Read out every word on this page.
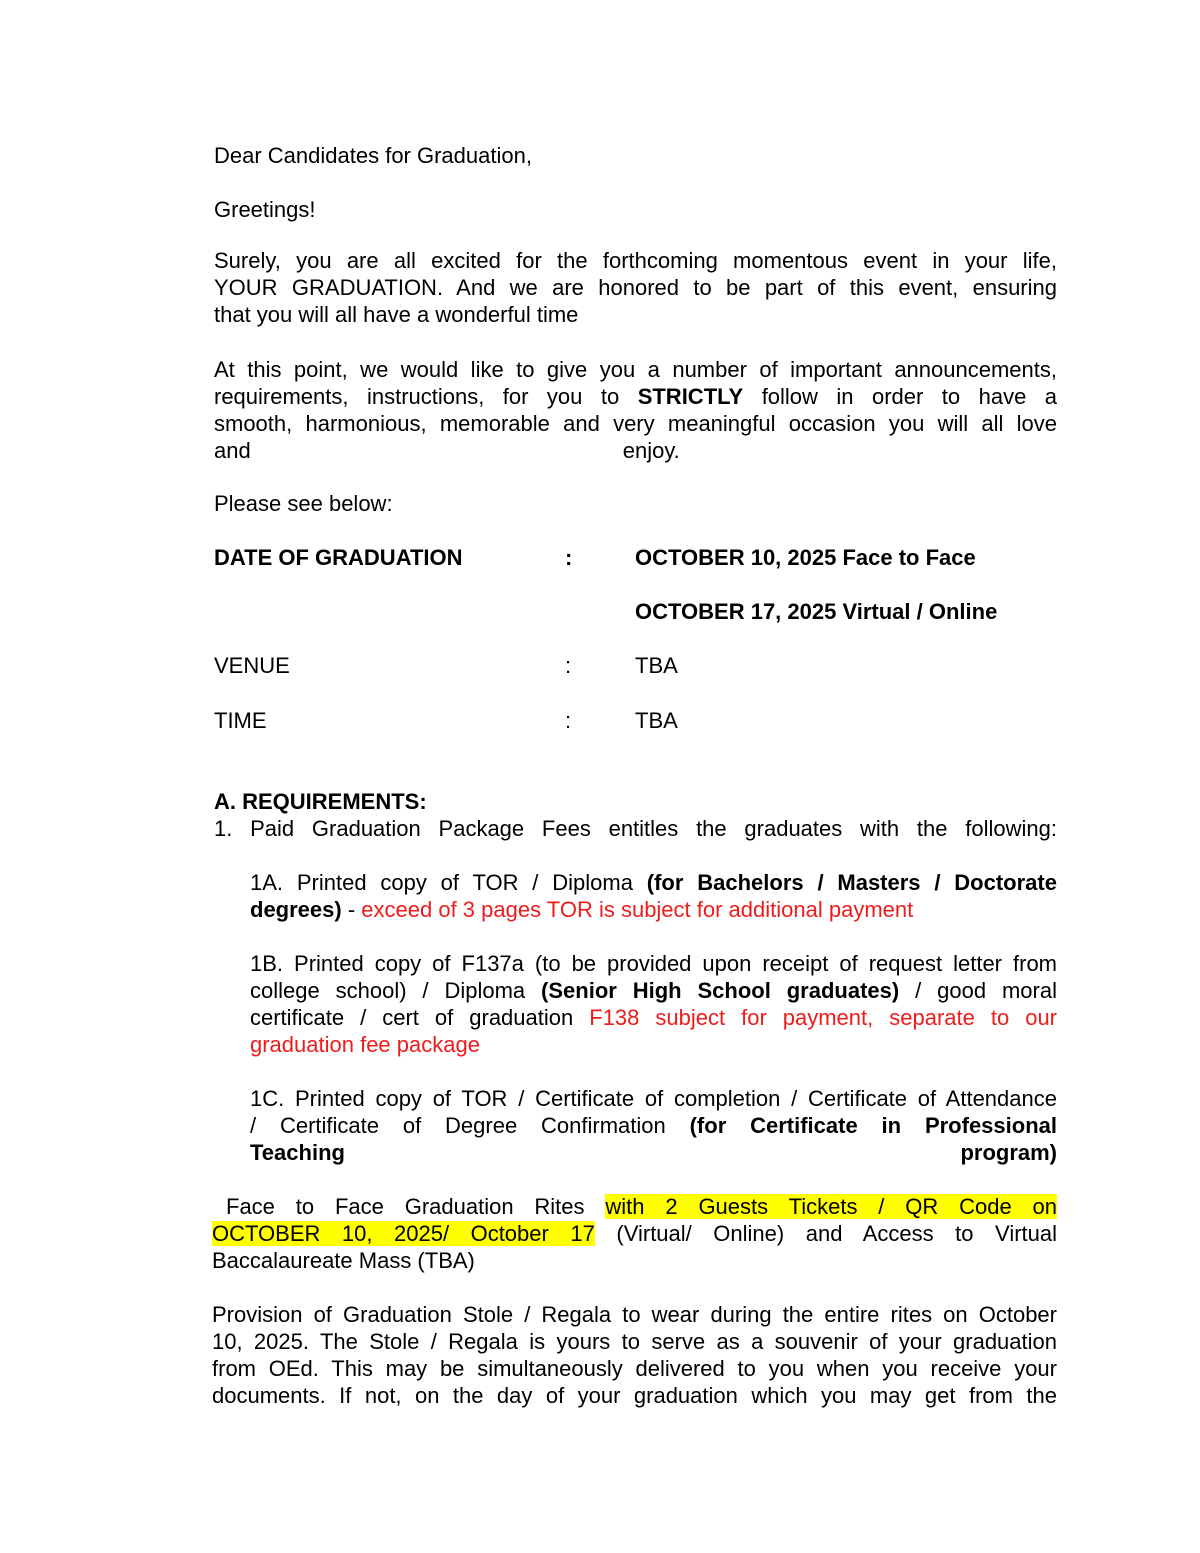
Dear Candidates for Graduation,
Greetings!
Surely, you are all excited for the forthcoming momentous event in your life,
YOUR GRADUATION. And we are honored to be part of this event, ensuring
that you will all have a wonderful time
At this point, we would like to give you a number of important announcements,
requirements, instructions, for you to STRICTLY follow in order to have a
smooth, harmonious, memorable and very meaningful occasion you will all love
and	enjoy.
Please see below:
DATE OF GRADUATION	:	OCTOBER 10, 2025 Face to Face
OCTOBER 17, 2025 Virtual / Online
VENUE	:	TBA
TIME	:	TBA
A. REQUIREMENTS:
1. Paid Graduation Package Fees entitles the graduates with the following:
1A. Printed copy of TOR / Diploma (for Bachelors / Masters / Doctorate
degrees) - exceed of 3 pages TOR is subject for additional payment
1B. Printed copy of F137a (to be provided upon receipt of request letter from
college school) / Diploma (Senior High School graduates) / good moral
certificate / cert of graduation F138 subject for payment, separate to our
graduation fee package
1C. Printed copy of TOR / Certificate of completion / Certificate of Attendance
/ Certificate of Degree Confirmation (for Certificate in Professional
Teaching	program)
Face to Face Graduation Rites with 2 Guests Tickets / QR Code on
OCTOBER 10, 2025/ October 17 (Virtual/ Online) and Access to Virtual
Baccalaureate Mass (TBA)
Provision of Graduation Stole / Regala to wear during the entire rites on October
10, 2025. The Stole / Regala is yours to serve as a souvenir of your graduation
from OEd. This may be simultaneously delivered to you when you receive your
documents. If not, on the day of your graduation which you may get from the
